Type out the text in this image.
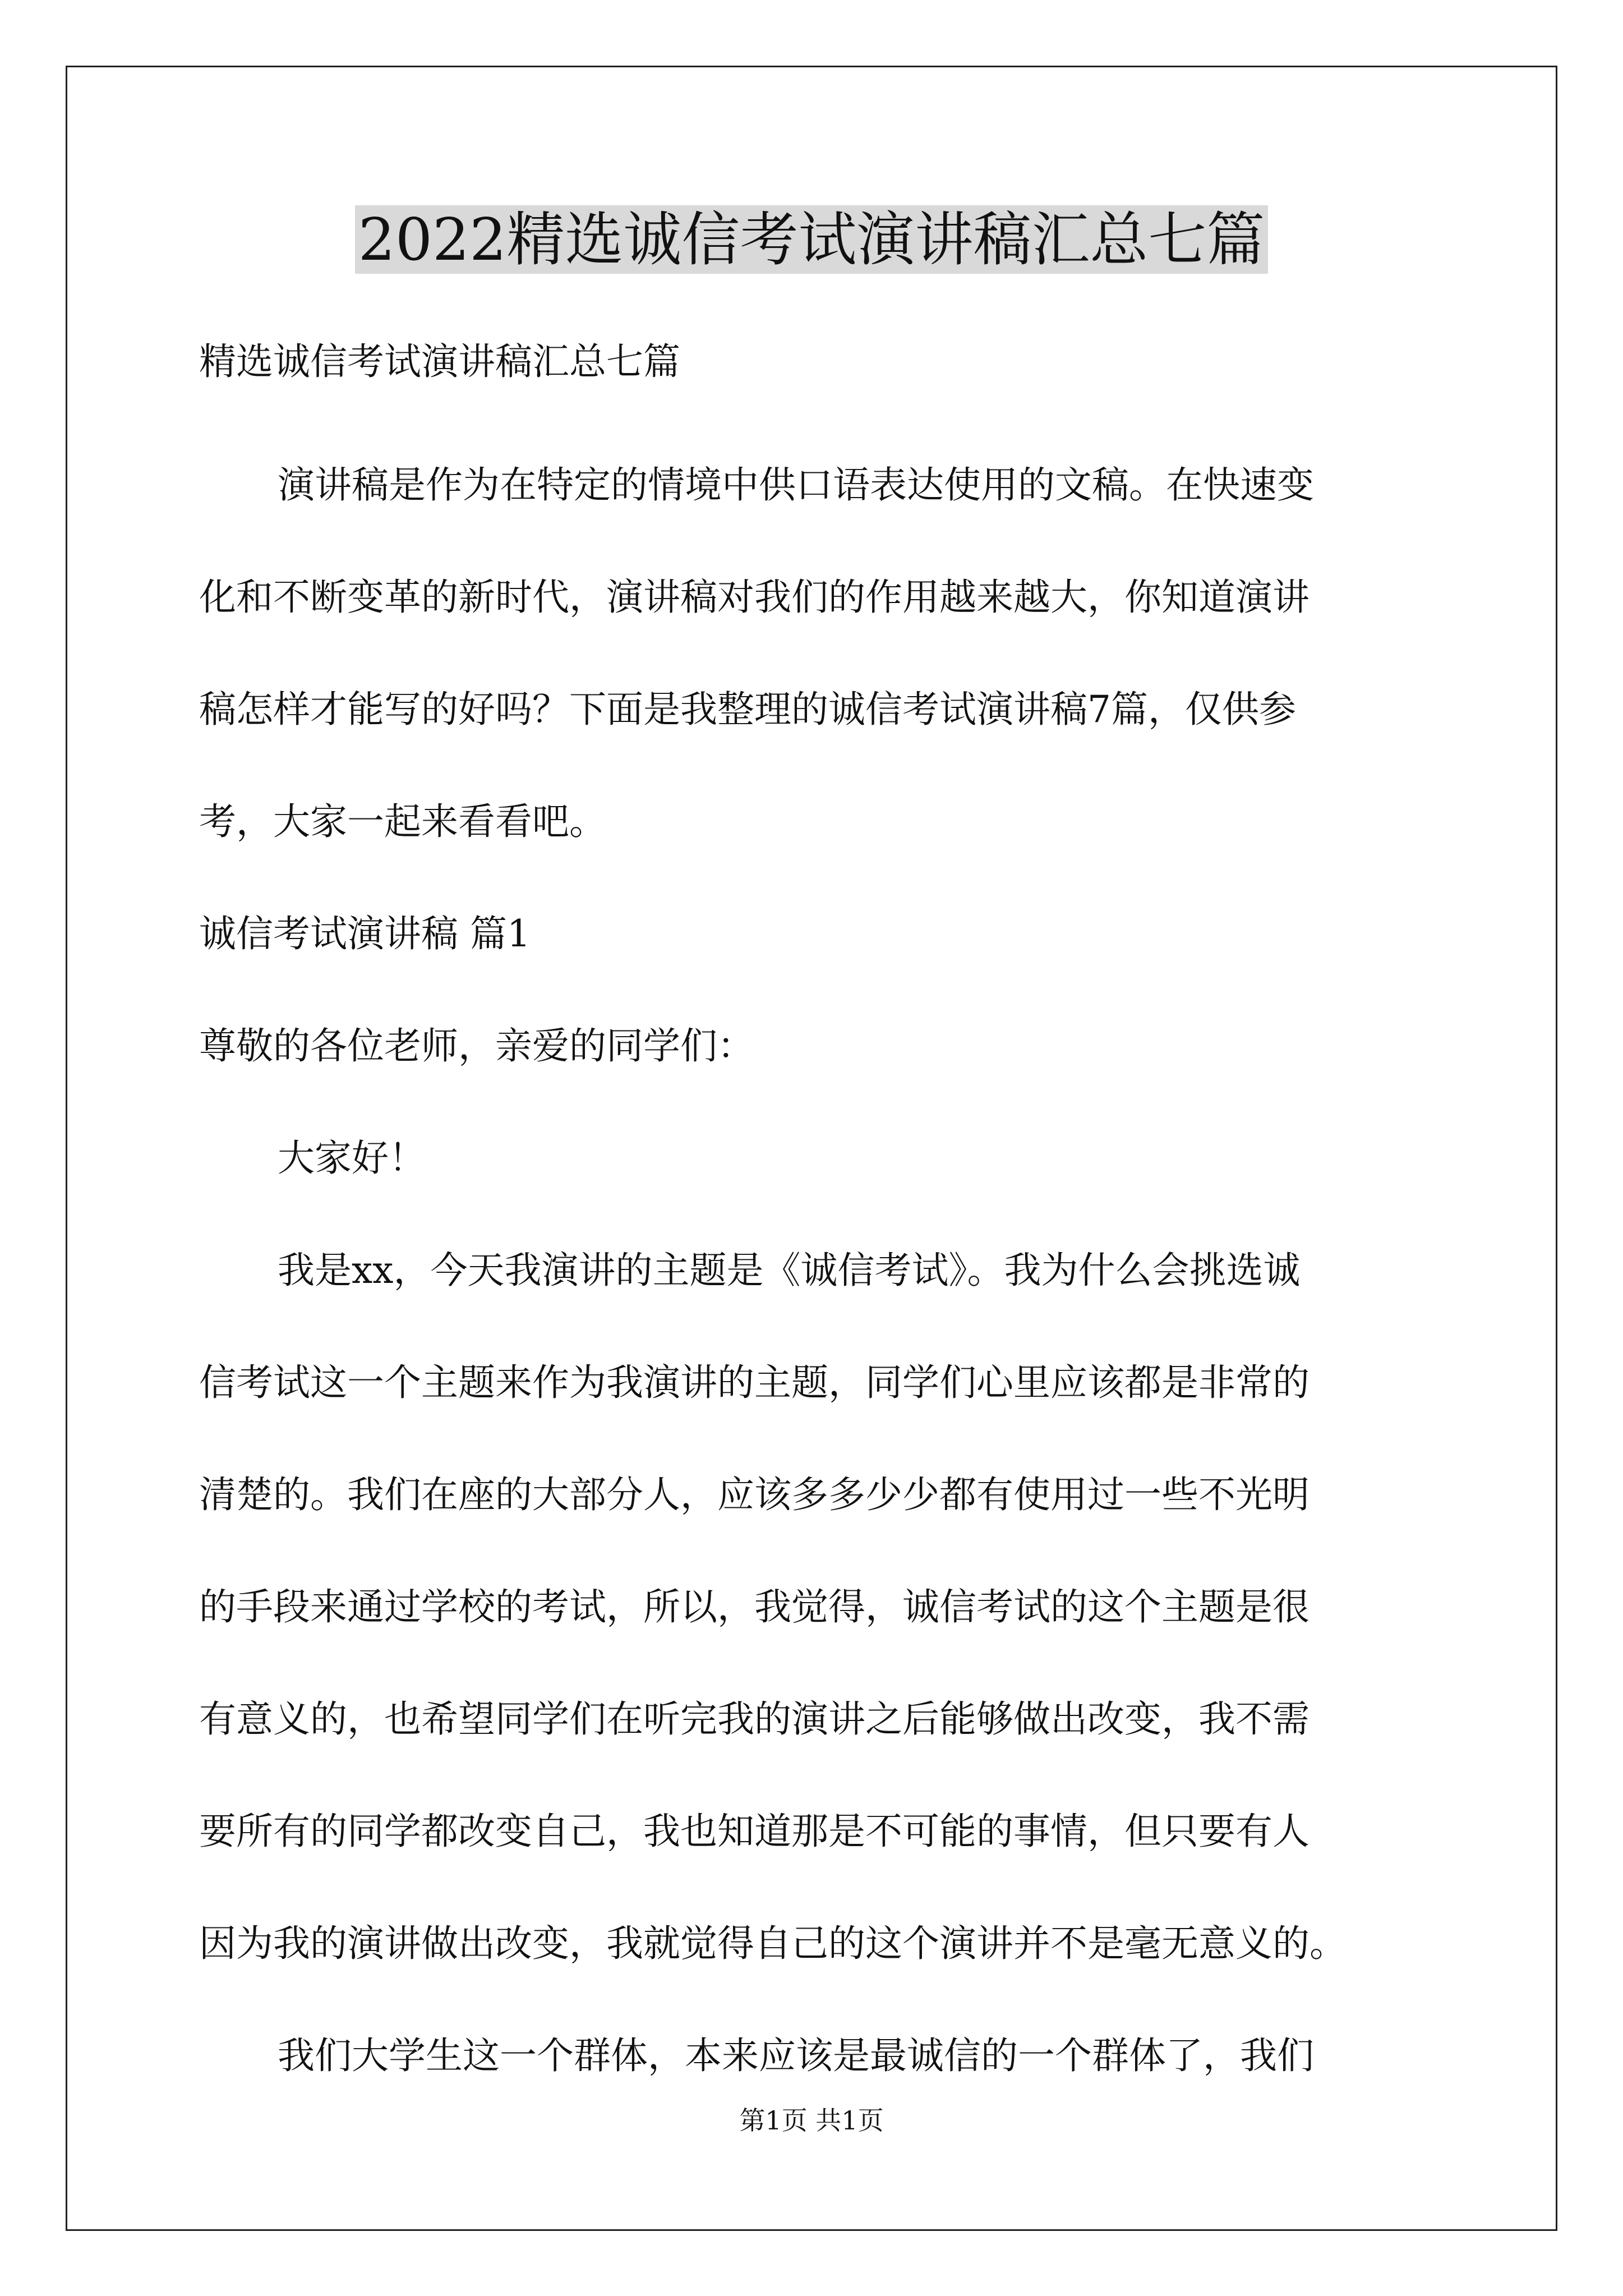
2022精选诚信考试演讲稿汇总七篇

精选诚信考试演讲稿汇总七篇

演讲稿是作为在特定的情境中供口语表达使用的文稿。在快速变

化和不断变革的新时代，演讲稿对我们的作用越来越大，你知道演讲

稿怎样才能写的好吗？下面是我整理的诚信考试演讲稿7篇，仅供参

考，大家一起来看看吧。

诚信考试演讲稿 篇1

尊敬的各位老师，亲爱的同学们：

大家好！

我是xx，今天我演讲的主题是《诚信考试》。我为什么会挑选诚

信考试这一个主题来作为我演讲的主题，同学们心里应该都是非常的

清楚的。我们在座的大部分人，应该多多少少都有使用过一些不光明

的手段来通过学校的考试，所以，我觉得，诚信考试的这个主题是很

有意义的，也希望同学们在听完我的演讲之后能够做出改变，我不需

要所有的同学都改变自己，我也知道那是不可能的事情，但只要有人

因为我的演讲做出改变，我就觉得自己的这个演讲并不是毫无意义的。

我们大学生这一个群体，本来应该是最诚信的一个群体了，我们

第1页 共1页
